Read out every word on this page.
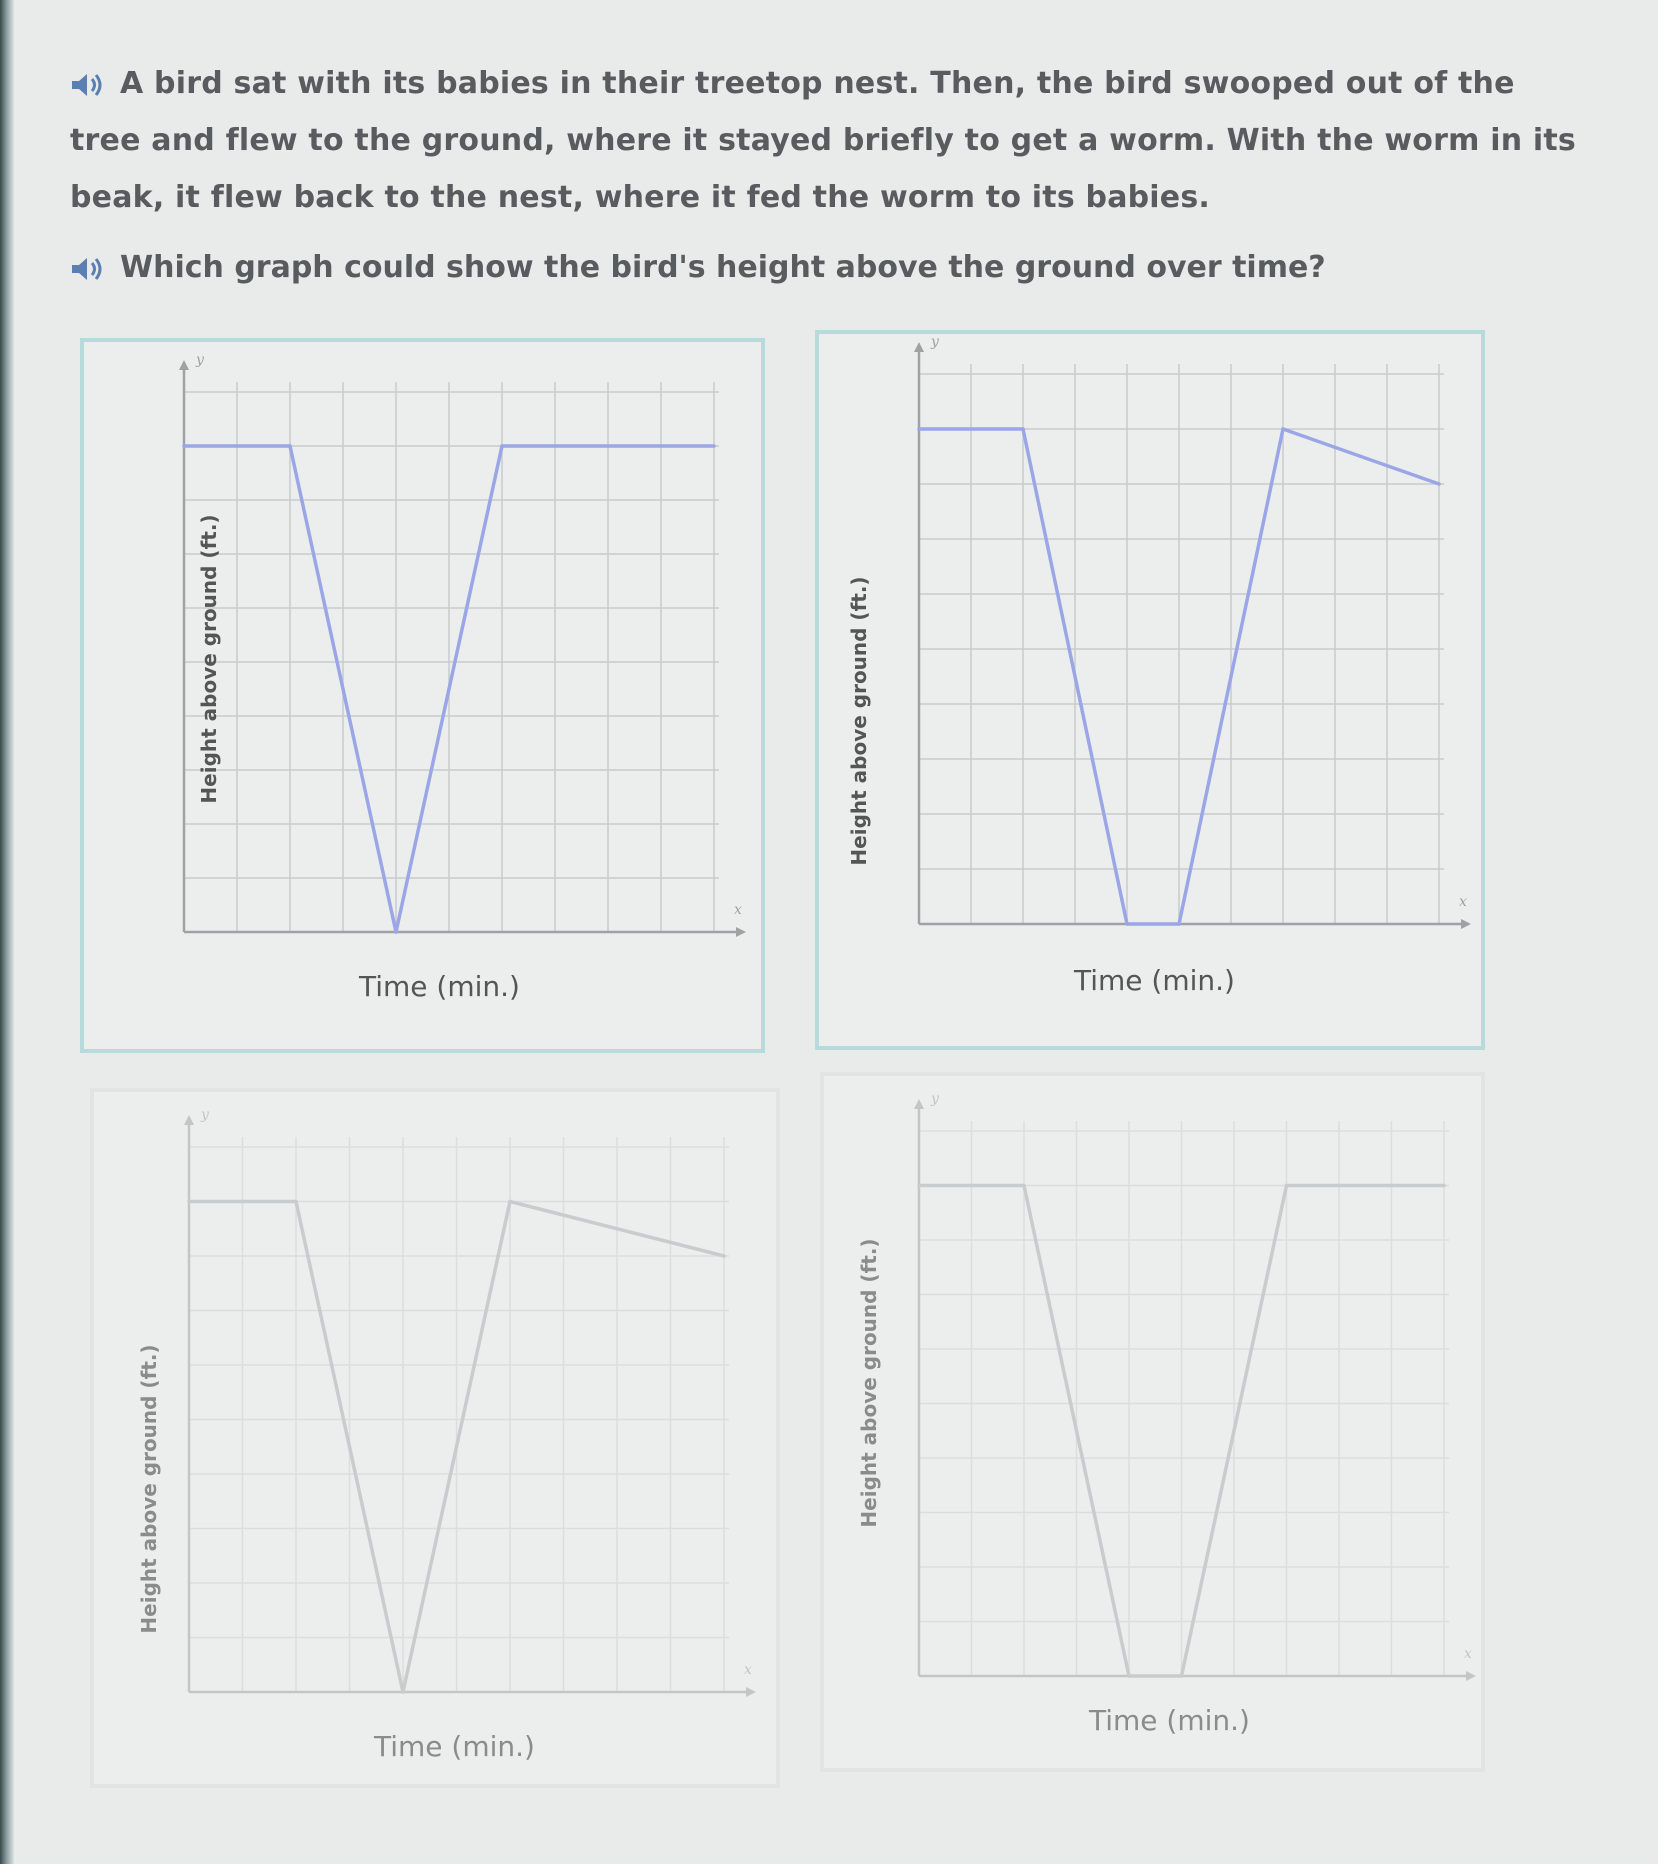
A bird sat with its babies in their treetop nest. Then, the bird swooped out of the tree and flew to the ground, where it stayed briefly to get a worm. With the worm in its beak, it flew back to the nest, where it fed the worm to its babies.
Which graph could show the bird's height above the ground over time?
x
y
Height above ground (ft.)
Time (min.)
x
y
Height above ground (ft.)
Time (min.)
x
y
Height above ground (ft.)
Time (min.)
x
y
Height above ground (ft.)
Time (min.)
